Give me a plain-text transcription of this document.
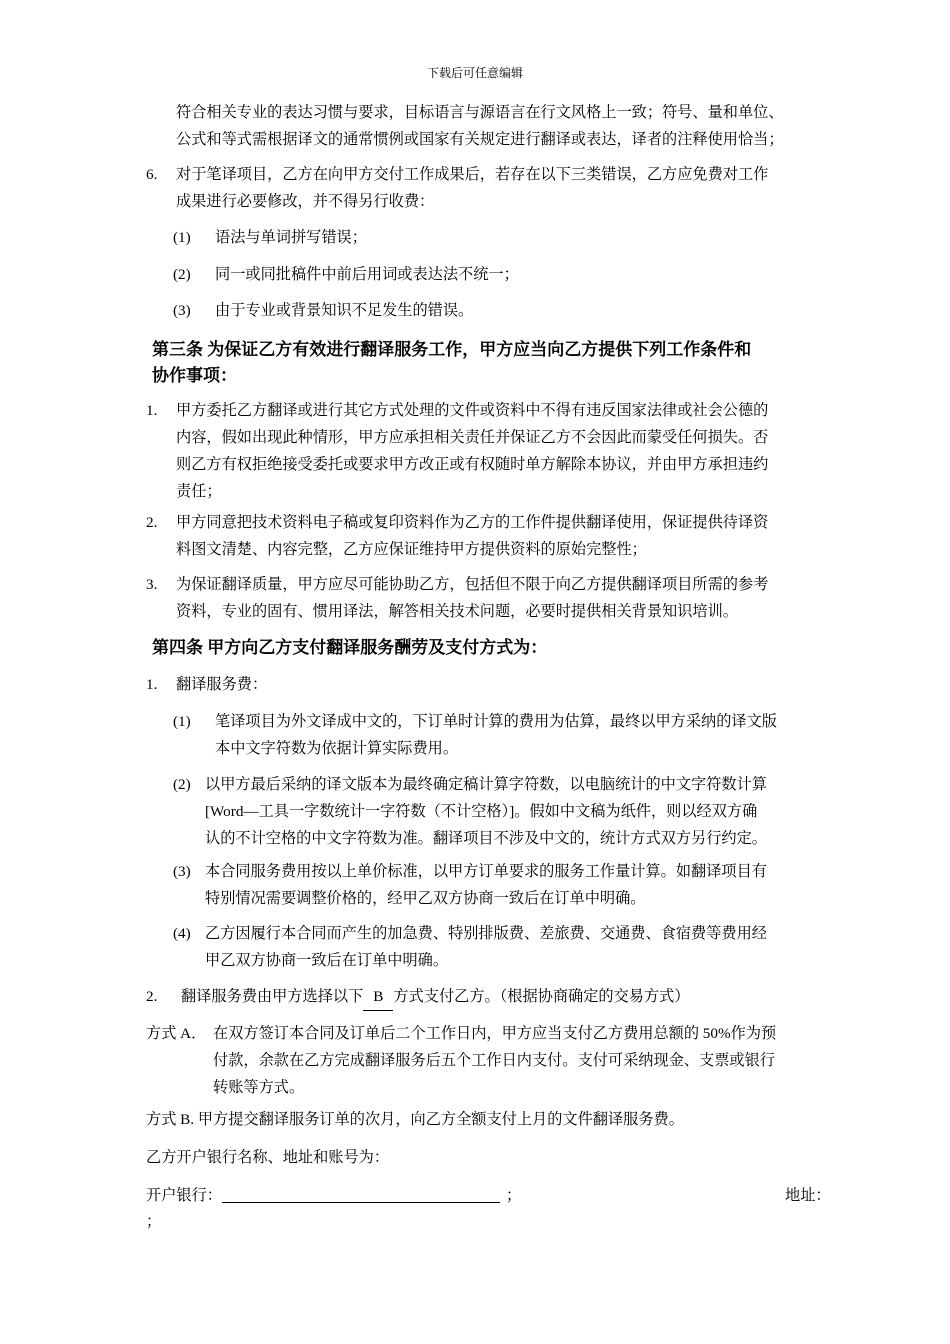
下载后可任意编辑
符合相关专业的表达习惯与要求，目标语言与源语言在行文风格上一致；符号、量和单位、
公式和等式需根据译文的通常惯例或国家有关规定进行翻译或表达，译者的注释使用恰当；
6. 对于笔译项目，乙方在向甲方交付工作成果后，若存在以下三类错误，乙方应免费对工作
成果进行必要修改，并不得另行收费：
(1) 语法与单词拼写错误；
(2) 同一或同批稿件中前后用词或表达法不统一；
(3) 由于专业或背景知识不足发生的错误。
第三条 为保证乙方有效进行翻译服务工作，甲方应当向乙方提供下列工作条件和
协作事项：
1. 甲方委托乙方翻译或进行其它方式处理的文件或资料中不得有违反国家法律或社会公德的
内容，假如出现此种情形，甲方应承担相关责任并保证乙方不会因此而蒙受任何损失。否
则乙方有权拒绝接受委托或要求甲方改正或有权随时单方解除本协议，并由甲方承担违约
责任；
2. 甲方同意把技术资料电子稿或复印资料作为乙方的工作件提供翻译使用，保证提供待译资
料图文清楚、内容完整，乙方应保证维持甲方提供资料的原始完整性；
3. 为保证翻译质量，甲方应尽可能协助乙方，包括但不限于向乙方提供翻译项目所需的参考
资料，专业的固有、惯用译法，解答相关技术问题，必要时提供相关背景知识培训。
第四条 甲方向乙方支付翻译服务酬劳及支付方式为：
1. 翻译服务费：
(1) 笔译项目为外文译成中文的，下订单时计算的费用为估算，最终以甲方采纳的译文版
本中文字符数为依据计算实际费用。
(2) 以甲方最后采纳的译文版本为最终确定稿计算字符数，以电脑统计的中文字符数计算
[Word—工具一字数统计一字符数（不计空格）]。假如中文稿为纸件，则以经双方确
认的不计空格的中文字符数为准。翻译项目不涉及中文的，统计方式双方另行约定。
(3) 本合同服务费用按以上单价标准，以甲方订单要求的服务工作量计算。如翻译项目有
特别情况需要调整价格的，经甲乙双方协商一致后在订单中明确。
(4) 乙方因履行本合同而产生的加急费、特别排版费、差旅费、交通费、食宿费等费用经
甲乙双方协商一致后在订单中明确。
2. 翻译服务费由甲方选择以下 B 方式支付乙方。（根据协商确定的交易方式）
方式 A． 在双方签订本合同及订单后二个工作日内，甲方应当支付乙方费用总额的 50%作为预
付款，余款在乙方完成翻译服务后五个工作日内支付。支付可采纳现金、支票或银行
转账等方式。
方式 B. 甲方提交翻译服务订单的次月，向乙方全额支付上月的文件翻译服务费。
乙方开户银行名称、地址和账号为：
开户银行：	；	地址：
；
